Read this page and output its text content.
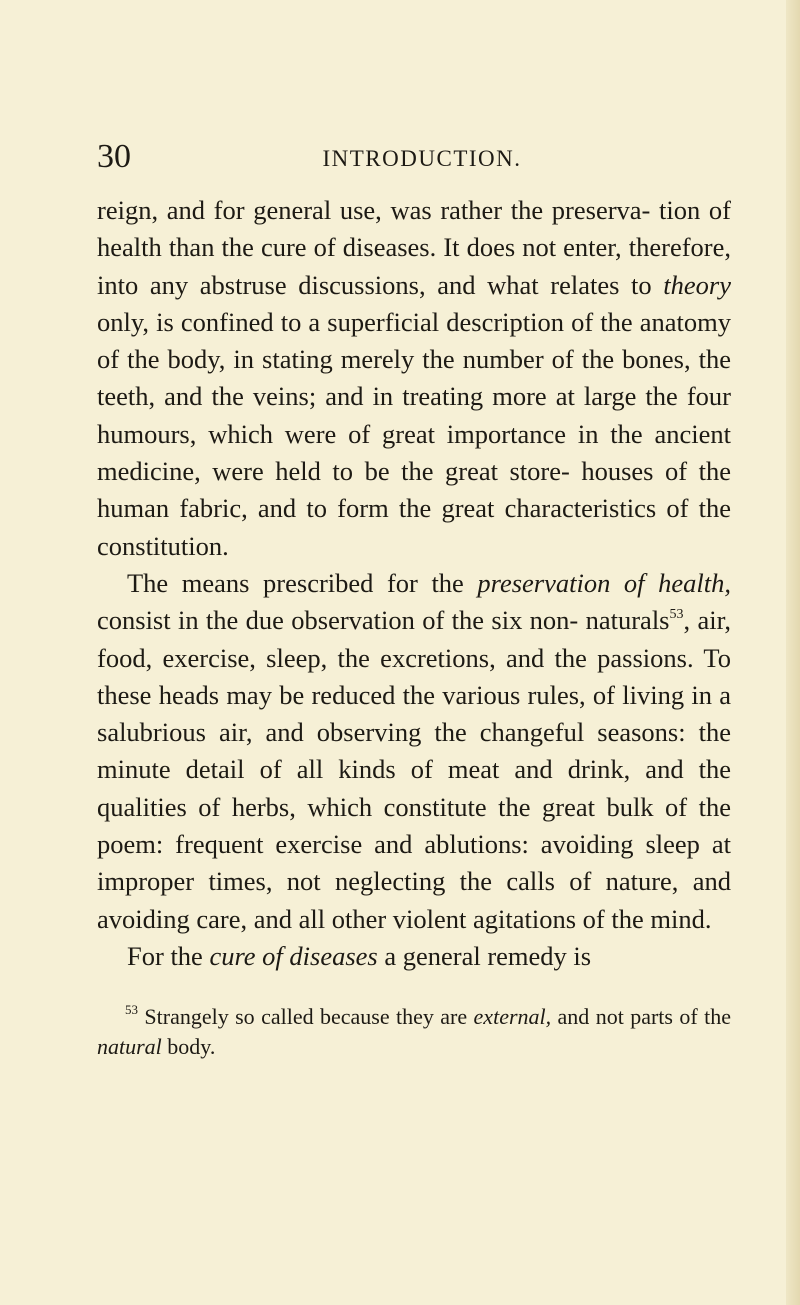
30	INTRODUCTION.

reign, and for general use, was rather the preserva- tion of health than the cure of diseases. It does not enter, therefore, into any abstruse discussions, and what relates to theory only, is confined to a superficial description of the anatomy of the body, in stating merely the number of the bones, the teeth, and the veins; and in treating more at large the four humours, which were of great importance in the ancient medicine, were held to be the great store- houses of the human fabric, and to form the great characteristics of the constitution.

The means prescribed for the preservation of health, consist in the due observation of the six non- naturals$^{53}$, air, food, exercise, sleep, the excretions, and the passions. To these heads may be reduced the various rules, of living in a salubrious air, and observing the changeful seasons: the minute detail of all kinds of meat and drink, and the qualities of herbs, which constitute the great bulk of the poem: frequent exercise and ablutions: avoiding sleep at improper times, not neglecting the calls of nature, and avoiding care, and all other violent agitations of the mind.

For the cure of diseases a general remedy is

$^{53}$ Strangely so called because they are external, and not parts of the natural body.
